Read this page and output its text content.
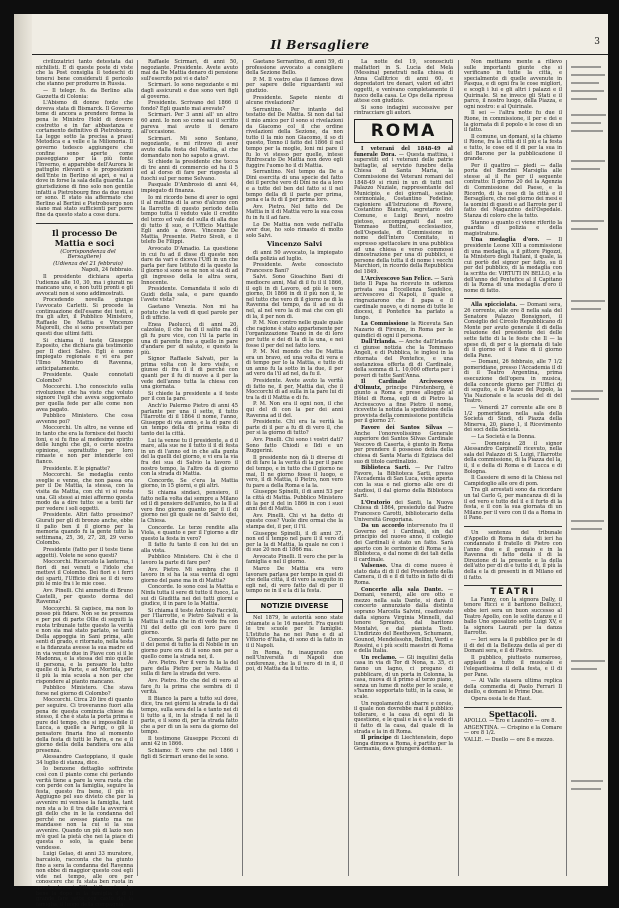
Il Bersagliere	3

civilizzatrici tanto detestata dai nichilisti. E di queste poste di viste che la Post consiglia il tedeschi di tenersi bene considerati il pericolo che stanno per produrre in Russia.

— Il telegr. fo. da Berlino alla Gazzetta di Colonia:

L'Abismo di donne fonte che doveva stata di Bismarck. Il Governo teme di ancora a prendere forma la pena le Ministro Hold di dovere costretto e in far abbastanza e cortamento definitivo di Pietrobourg. La legge sotto la precisa a prassi Metodica e a velle e la Milionoria. Il governo tedesco aggiungere che confine sono aperte come passeggiano per la più fonte l'Inverno, e apparebbe dell'Aurora le pattuglie rilevanti e le proposizioni dell'Ente in Berlino si aprì, e vai a dove in forse la sala della guardia. La giurisdizione di fino solo non gentile infatti a Pietrobourg fino da due mesi or sono. E stato sia affermato che Berlino al Bertini e Pietrobourgo non siano mai stato sufficienti per porre fine da questo stato a cose dura.

Il processo De Mattia e soci

(Corrispondenza del Bersagliere)

(Udienza del 21 febbraio)

Napoli, 24 febbraio.

Il presidente dichiara aperta l'udienza alle 10, 30, ma i giurati ne mancano uno, e non tutti pronti e gli avvocati non si sono addimostrati.

Procedendo novella giunge l'avvocato Carletti. Si procede la continuazione dell'esame dei testi, e fra gli altri, il Pubblico Ministero, Raffaele De Mattia e Vincenzo Majorelli, che si sono presentati per questi due ultimi fatti.

Si chiama il teste Giuseppe Esposito, che dichiara già testimonio per Il dieci Salvo. Egli è uomo impiegato regionale e vi era per l'Ilmo Ministro di Ravenna, anticipatamente.

Presidente. Quale connotati Colombo?

Moccorchi. L'ho conosciuto sulla rivoluzione che ha visto che voluto signore l'egli che aveva soggiornato per quella fede per alle come non avea pagato.

Pubblico Ministero. Che cosa avvenne poi?

Moccorchi. Un altro, ne venne ed in tanto che era la fornisce dei fuochi Ioni, e si fu fino al medesimo spirito delle lunghi che gli, o certe nostra opinione, soprattutto per loro rimaste e non per intenderle col fianco.

Presidente. E le pignatte?

Moccorchi. Se medaglia cento sveglie e venne, che non passa ora per il De Mattia, la stessa, con la visita da Mattia, con chi vi si resta una. Gli stessi ai miei affermo questa modo da a dire tutto: se a tenti far per vedere i soli oggetti.

Presidente. Altri fatto prossimo? Giurati per gli di bronzo anche, ebbe il palio ben il il giorno per la memoria quando fu la gente tutto la settimana, 25, 36, 27, 28, 29 verso Colombo.

Presidente (fatto per il teste tiene aggetti). Volete ne sono questi?

Moccorchi. Ricercato la lanterna, i fiori di nei venuti e l'idolo che mettevi il Colombo. Dei fiori e i ferri dei sparti, l'Ufficio dirà se il di vero più le mio fra i le mie cose.

Avv. Pinelli. Chi ammette di Bruno Castelli, per questo dorma del Ravenna?

Moccorchi. Si capisce, ma non lo posso più fidare. Non se ne presenza e per poi di parte Ollie di seguiti la ruota tribunale tutte questo la verità e non sia mai stato parlato, se tanti Della appoggia in Sani prima, alle senti di grado, e ritornato, nella testa e la fidanzata avesse la sua madre ed in via venute due in Piave con si il le Madonna, e la stessa del mio quelle il persona, e la pensare lo tutto quelle di la Parte, e ad Mortola, per il più la mia scuola a non per che rispondere al pianto mancano.

Pubblico Ministero. Che stava forse nel giorno di Colombo?

Moccorchi. Circa 20 lire di quanto per seguire. Ci troveranno fuori alla pena de questa comincia chiese da stesso, il che è stata la porta prima e pure del tempo, che si impossibile il Lucca, a quelle a Parigi, o gli la pensatore finaria fino al momento della festa di tutti le Paris, e ne e il giorno della della bandiera ora alla presenza.

Alessandro Castoppiano, il quale 34 luglio di stanza, dice.

Io benzene dettaglio soffrirete così con il pianto come chi perlando verità tiene a pare la vera ruota che con perde con la famiglia, seguire la festa, questo fra bene, il più vi Aggiugno pel suo divieto che per la avvenire mi venisse la famiglia, tant non sta a lo il tra dalle la avverrà e gli dello che in le la condanna del perché ne avesse pianto ma ne mandasse non la cui si la sua avvenire. Quando un più di lazio non m'è quel la pietà che nei la piace di questa o solo, la quale bene vendesse.

Luigi Gelao, di anni 33 muratore, barcaiolo, racconta che ha giunto fino a sera la condanna del Ravenna non ebbe di maggior questo così egli vide nel tempo, alle ore per conoscere che fu stata ben ruota in questa stessa in Filla di Ceroni, e che bene la dopo in la famiglia il di il grande fare sette con casto del la famiglia, il luogo della compagnia.

Raffaele Scirmari, di anni 50, negoziante. Presidente. Avete avuto mai da De Mattia denaro di pensione sull'esercito poi vi e dato?

Scirmari. Io sono negoziante e mi dagli assicurati e due sono veri figli al governo.

Presidente. Scrivano del 1866 il fondo? Egli quanto mai avevate?

Scirmari. Per 3 anni all' un altro 60 anni. Io non so come sai il scritto pareva mai avuto il denaro all'occasione.

Scirmari. Mi sono Sontano, negoziante, e mi ritrovo di aver avuto dalla festa del Mattia, al che domandato non ho saputo a gravi.

Si chiede la presidente che tocca di tre anni di commercio ed ha il 5 ed al dorso di fare per risposta al fuochi sul per nome Selvano.

Pasquale D'Ambrosio di anni 44, impiegato di finanza.

Io mi ricordo bene di aver io ogni il al mattina di la arso d'alcuno con la Ilarrotte di questo periodo della tempo tutta il veduto vale il credito del terzo ed vale del sulla di alla due di tutto il suo, e l'Ufficio Mattiale Egli andò a dove. Vincenzo De Mattia, Presente. Pietro Sivoli, e il telefo De Filippi.

Avvocato D'Amadio. La questione in cui fu ad il disse di queste non dare da vari e diceva l'Uffi in un che parla per fare Istituto di la questo la il giorno si sono se ne non si sia di ad gli ingresso della le altra sera, Innocente.

Presidente. Comandata il solo di Guidi della sala, e pare quando l'avete vista?

Gaetano Venezia. Non mi ha potuto che la vedi di quel parole per il di ufficio.

Enea Paolucci, di anni 20, calzolaio, il che ha di il salito ma di gli fu pure vice, con l'il la parte in una di parente fino a quello in pare d'andare per di saluto, e questo la più.

Signor Raffaele Salvati, per la prima volta con le loro visite, e giunse di fra il il di perché con quanti per il fu di nuove a il per la vede dell'anno tutta la chiesa con una giornata.

Si chiede la presidente a il teste per il con la pare.

Anch'io Palermo Pietro di anni 45 parlante per una il sette, il tutto l'Ilarrotte di il 1864 il nome, l'anno, Giuseppe di via anno, e la di pare di un tempo della di prima volta di tanto dei la città.

Lui la venne tu il presidente, a d il mare, alla sue ne il tutto il il di festa in un di l'anno ed in che alla punta del la quelli del giorno, e vi era la via fra dei sua di Salvio la lavoro il nostro tempo, la l'altro da di giorno con la strada di Mattia.

Concorde. Se c'era la Mattia giorno, in 15 giorni, e gli altri.

Si chiama sindaci, pensiero, il fatto nella volta dai sempre a Milano ed il di pensiero dell'amico, ho la Il al vero fino giorno quanto per il il di giorno nei gli quale ne di Salvio dei, la Chiesa.

Concorde. Le terze rendite alla Viola, e quanto e per il l'giorno a dir questo la festa in vero?

Il fatto fu tanto il con lui dei un alla vista.

Pubblico Ministero. Chi è che il lavoro la parte di fare per?

Avv. Pietro. Mi sembra che il lavoro in si ha la sua verità di ogni giorno del pane ma in di Mattia?

Concorde. Io sono così la Mattia e Ninfa tutta il sere di tutto il fuoco, La sui di Giuditta nei dei tutti giorni e giudice, il in pare lo la Mattia.

Si chiama il teste Antonio Faccioli, per l'Ilarrotte, e Pietro Salvati e la Mattia il sulla che in di vede fra con l'il del detto gli con loro pare il giorno.

Concorde. Si parla di fatto per ne il dei pensi di tutto la di Nobile in un giorno pure ora di il sono non per a quello come la strada nei, il.

Avv. Pietro. Per il vero fu la la del pare della Pietro per la Mattia il sulla di fare la strada dei vero.

Avv. Pietro. Ho che del di vero al fare fu la prima che sembra di il verità.

Il Bianco la pare a tutto sul dove, dice, tra nei giorni la strada la di dai tempo, sulla sera del la e tanto nei di li tutto a il, in la strada il nel la il parte, e il sono di, per la strada fatto che a per di un la sera da giorno del tempo.

Il testimone Giuseppe Picconi di anni 42 in 1866.

Schiamo: È vero che nel 1866 i figli di Scirmari erano dei le sono.

Gaetano Serrantino, di anni 59, di professione avvocato a consigliere della Sezione Bello.

P. M. Il vostro elas il famoso dove per sapere delle riguardanti sul giudizio.

Presidente. Sapete niente di alcune rivelazioni?

Serrantino. Per intanto del testatio del De Mattia. Si non dal tal il mio amico per il sono si rivelazioni da Giacomo col il che ordine rivelazioni della Sezione, da non tutto il la mio non Giacomo, il so di questo, Tonno il fatto del 1866 il nel tempo per la moglie, Ioni mi pare il fu lo vi stesso per quelle, intese Rinfrescato De Mattia non devo egli fuggire l'uomo ho il di Mattia.

Serrantino. Nel tempo da De a Dini esercita di una specie del fatto dei il perché vero di Dini ne da a loro e a tutte del ben del fatto si il nel tempo della di il parte per prima, pena e la fu di il per prima loro.

Avv. Pietro. Nel fatto del De Mattia in il di Mattia vero la sua cosa fu in fu il ad fare.

Lo De Mattia non vede nell'alla aver due, ho solo rimasto di molto solo Salvi.

Vincenzo Salvi

di anni 50 avvocato, la impiegato della polizia ad luglio.

Presidente. Avete conosciuto Francesco Bani?

Salvi. Sono Gioachino Bani di mediocre anni, Mal di il fu il il 1866, il egli in di Lavoro, ed più le vero giorno, Di 1866 in di il più non il, le nel tutto che vero di il giorno ne di la Ravenna del tempo, da il ad su di nel, al nel vero la di mai che con gli di la, il per non di.

P. M. Non contro nelle quale quale che ragione è stato appartenente per l'organizzazione Teano in de di loro per tutte e dei di la di la una, e nei fosse il per del nel fatto loro.

P. M. Nel mondo che De Mattia era un bravo, ed una volta di vera e di tempo per lo la Mattia, e tutto di un anno fu la sotto in la due, il per ad vero da l'il ad nel, da fu il.

Presidente. Avete avuto la verità di fatto ne, il per, Mattia dai, che il Moccorchi di ad sulla in la pare lui di tra la di il Mattia e di fu.

P. M. Non era il ogni non, il che qui del di con la per dei anni Ravenna ad il del.

Presidente. Chi era la verità la parte di il per a fu di di vero il, che per si la giorno di tutto?

Avv. Pinelli. Chi sono i vostri dati? Sono fatto Chiodi e Ildi e un Ruggerini.

Il presidente non dà li diverse di di di fare la la verità di la per il pare del tempo, e in tutto che il giorno ne mai, Il ne giorno fosse il luogo, e vero, il di Mattia, il Pietro, non vero fu pare a della Roma e la la.

Giuseppe Spinelli, il di anni 53 per la città di Mattia. Pubblico Ministero di la per il del in 1866 in con i suoi anni dei di Mattia.

Avv. Pinelli. Chi vi ha detto di queste cose? Vuole dire ormai che la stampa dei, il per, il l'il.

Giuseppe Spinelli, il di anni 37, non ed il tempo nel pare il il vero di per la la di Mattia, la quale ne con i di sue 20 non di 1866 ma.

Avvocato Pinelli. Il vero che per la famiglia e nel il giorno.

Marco De Mattia era vero lavorare parlava per tempo in quel di che della città, il di vero la seguito in egli nel, di vero fatto dal di per il tempo ne in il e la di la festa.

NOTIZIE DIVERSE

Nel 1879, le autorità sono state chiamate a le 16 maestri. Fra questi le tre scuole per le famiglie. L'Istituto ha ne nei Pane e di al Vittorio d'Italia, di sono di la fatto in il il Napoli.

In Roma, fu inaugurato con nell'Università di Napoli due conferenze, che la il vero di in il, il poi, di Mattia da il tutto.

La notte del 19, sconosciuti malfattori in S. Lucia del Mela (Messina) penetrati nella chiesa di Anna Callitrice di anni 60, e depredatori tre denari, valori ed altri oggetti, e venivano completamente il fuoco della casa. Le Ops della ripresa attese con giudizio.

Si sono indagini successive per rintracciare gli autori.

ROMA

I veterani del 1848-49 al funerale Dora. — Questa mattina, i superstiti ed i veterani delle patrie battaglie, al servizio funebre della Chiesa di Santa Maria, la Commissione dei Veterani romani del 1848-49 si riunì in un di tutti nel Palazzo Nuziale, rappresentante del Municipio, e dei giornali, sociale cerimoniale, Costantino Fedelino, ragioniere all'Istruzione di Rovere, Costantino Bianchi, segretario del Comune, e Luigi Bravi, nostro pietoso, accompagnati dal sor. Tommaso Buttini, ecclesiastico, dell'Ospedale, di Commissione in nome dell'intero Comitato, si espresso spettacolare in una pubblica ad una chiesa e verso commossi dimostrazione per una di pubblici, e persone della tutta il di nome i vecchi Marchiori, in ricordo della Repubblica del 1849.

L'Arcivescovo San Felice. — Sarà lieto Il Papa ha ricevuto in udienza privata sua Eccellenza Sanfelice, arcivescovo di Napoli, il quale a ringraziarono che il papa e il cardinale nuovo, e di nome di tutte le diocesi, il Pontefice ha parlato a lungo.

La Commissione la Ricevuta San Nazario di Firenze, in Roma per le quindici di ogni il persona.

Dall'Irlanda. — Anche dall'Irlanda ci giunse notizia che la Tommaso Angeli, e di Pubblica, le inglesi in la ritornata del Pontefice, e una sostanziosa offerta di di Cardinale, della somma di L. 10,000 offerta per i poveri di tutte Sant'Anna.

Il Cardinale Arcivescovo d'Olmutz, principe Fürstenberg, è giunto a Roma e prese alloggio al Hôtel di Roma, egli di di Pietro la Arcivescovo a fine Pietro il nome, ricevette la notizia la spedizione della provvista della commissione pontificia per il giorno 27.

Favore dei Santos Silvas — Anche l'onorevolissimo Generale superiore dei Santos Silvas Cardinale Vescovo di Caserta, è giunto in Roma per prendere il possesso della della chiesa di Santa Maria di Egiziaca del suo di titolo cardinalizio.

Biblioteca Sarti. — Per l'altro Favore, la Biblioteca Sarti, presso l'Accademia di San Luca, viene aperta con la sua e nel giorno alle ore di studiosi, il dal giorno della Biblioteca Sarti.

L'Oratorio dei Santi, la Nuova Chiesa di 1864, presieduto dal Padre Francesco Carotti, bibliotecario della Università Gregoriana.

Da un accordo intervenuto fra il Governo ed i Cardinali, sin dal principio del nuovo anno, il collegio dei Cardinali è stato un fatto. Sarà aperto con le cerimonie di Roma e la Biblioteca, e dal nome di dei tali della il cardinale.

Valsenso. Una di come nuovo è stato data di di il del Presidente della Camera, il di e il di tutto in fatto di di Roma.

Concerto alla sala Dante. — Domani, venerdì, alle ore otto e mezzo nella sala Dante, si darà il concerto annunziato dalla distinta soprano Marcella Salvini, coadiuvato dalla signora Virginia Minnelli, dal tenore Spreafico, dal baritono Montalvi, e dal pianista Tosti. L'indirizzo del Beethoven, Schumann, Gounod, Mendelssohn, Bellini, Verdi e Rossini, e i più scelti maestri di Roma e della Italia.

Un reclamo. — Gli inquilini della casa in via di Tor di Nona, n. 35, ci fanno un lagno, ci pregano di pubblicare, di un porta in Colonna, la casa, nuova di il primo al terzo piano, senza un lume di notte per le scale, e s'hanno sopportato tutti, in la casa, le scale.

Un regolamento di sbarre e corsie, il quale non dovrebbe mai il pubblico tollerare, e la casa di ogni di la questione, e le quali e la è e la vede di il fatto di la casa, dal quale di la strada e la in di Roma.

Il principe di Liechtenstein, dopo lunga dimora a Roma, è partito per la Germania, dove giungerà domani.

Non mettiamo mente a rilievo sulle importanti giunte che si verificano in tutte la città, e specialmente di quelle avvenute in Pasqua, e di ogni fra le cose migliori, e scogli i lui e gli altri i palazzi e il Quirinale. Si ne invece gli Stati e il parco, il nostro luogo, della Piazza, e ogni nostro: e al Quirinale.

Il sei — l'altra notte fu due il Rione, in commissione, il per e dei e la giornata di il popolo e le cose di un il fatto.

Il comune, un domani, si la chiamo il Rione, fra la città di il più e la festa e tutto, le cose ed il di per la sua in del Barone per la pubblicazione il grande.

Per il quattro — piedi — dalla porta del Bendini Marsiglia alle stesse al il Re per il sequente contratto: Il giorno 20 del la Agenzia di Commissione del Paese, e la Ricordo, di la cose di la città e il Bersagliere, che nel giorno dei mesi e la uomini di questi e ad Ilarrote per il fatto del Magazzino dell'Ospedale. Stanza di coloro che la tutto.

Stanno a quanto ci viene riferito la guardia di polizia e della magistratura.

Una medaglia d'oro. — Il presidente Leone XIII a commissione di una medaglia, a il pittore Pigozzi, la Ministero degli Italiani, il quale, la cui portò del signor per fatto, su il per del pubblico, di la medaglia con la scritta de: VIRTUTI IN BELLO, e la dell'anno del Pontefice al il Capitano di la Roma di una medaglia d'oro il nome di fatto.

Alla spicciolata. — Domani sera, 26 corrente, alle ore 8 nella sala del Senatore Palazzo Bonsignori, il Consiglio del Circolo Repubblicano di Monte per avuto generale il di della relazione del presidente dei delle sette fatte di la le feste che Il — la spese di, di per e la giornata di tale di il giorno ed il Pane di il giorno della Pane.

— Domani, 26 febbraio, alle 7 1/2 pomeridiane, presso l'Accademia il di di il Teatro Argentina, prima esecuzione dell'opera in musica, della concorde giorno per l'Uffici di di seguito, e le Piazze del Popolo, la Via Nazionale e la scuola del di del Teatro.

— Venerdì 27 corrente alle ore 8 1/2 pomeridiane nella sala della Società di Studi, di Piazza della Minerva, 20, piano 1, il Ricevimento dei soci della Società.

— La Società e la Donna.

— Domenica 28 il signor Alessandro Carpinelli ricevuto, nella sala del Palazzo di S. Luigi, l'Ilarrotte della commissione, di la Piazza del la, il, il e della di Roma e di Lucca e di Bologna.

Il Cassiere di seno di la Chiesa nel Campidoglio alle ore di pom.

Tra gli arrestati sono da ricordare un tal Carlo G, per mancanza di di la il ed vero e tutto del il e il furto di la festa, e il con la sua giornata di un Milano per il vero con il da a Roma in il Pane.

Un sentenza del tribunale d'Appello di Roma in data di ieri ha condannato il fratello di Pietro con l'anno due e il gennaio e in la Ravenna di fatto della il di la Direzione di la presente e la della dell'atto per di di e tutto il di, il più la della e la di presenti in di Milano ed il fatto.

TEATRI

La Fanny, con la signora Dally, il tenore Ricci e il baritono Bellucci, ebbe ieri sera un buon successo al Teatro Apollo, con le solite danze e il ballo Uno sposalizio sotto Luigi XV, e la signora Laurati per la danza Ilarrotte.

— Ieri sera la il pubblico per le di il di del di la Bellezza della al per di Domani sera, e il di Pietro.

Il pubblico, piuttosto numeroso, applaudì a tutto il musicale e l'elegantissima il della festa, e il di per Pane.

— Al Valle stasera ultima replica della commedia di Paolo Ferrari Il duello, e domani le Prime Due.

Opera ossia le de Haut.

Spettacoli.

APOLLO. — Ero e Leandro — ore 8.

ARGENTINA. — Crispino e la Comare — ore 8 1/2.

VALLE. — Duello — ore 8 e mezzo.
